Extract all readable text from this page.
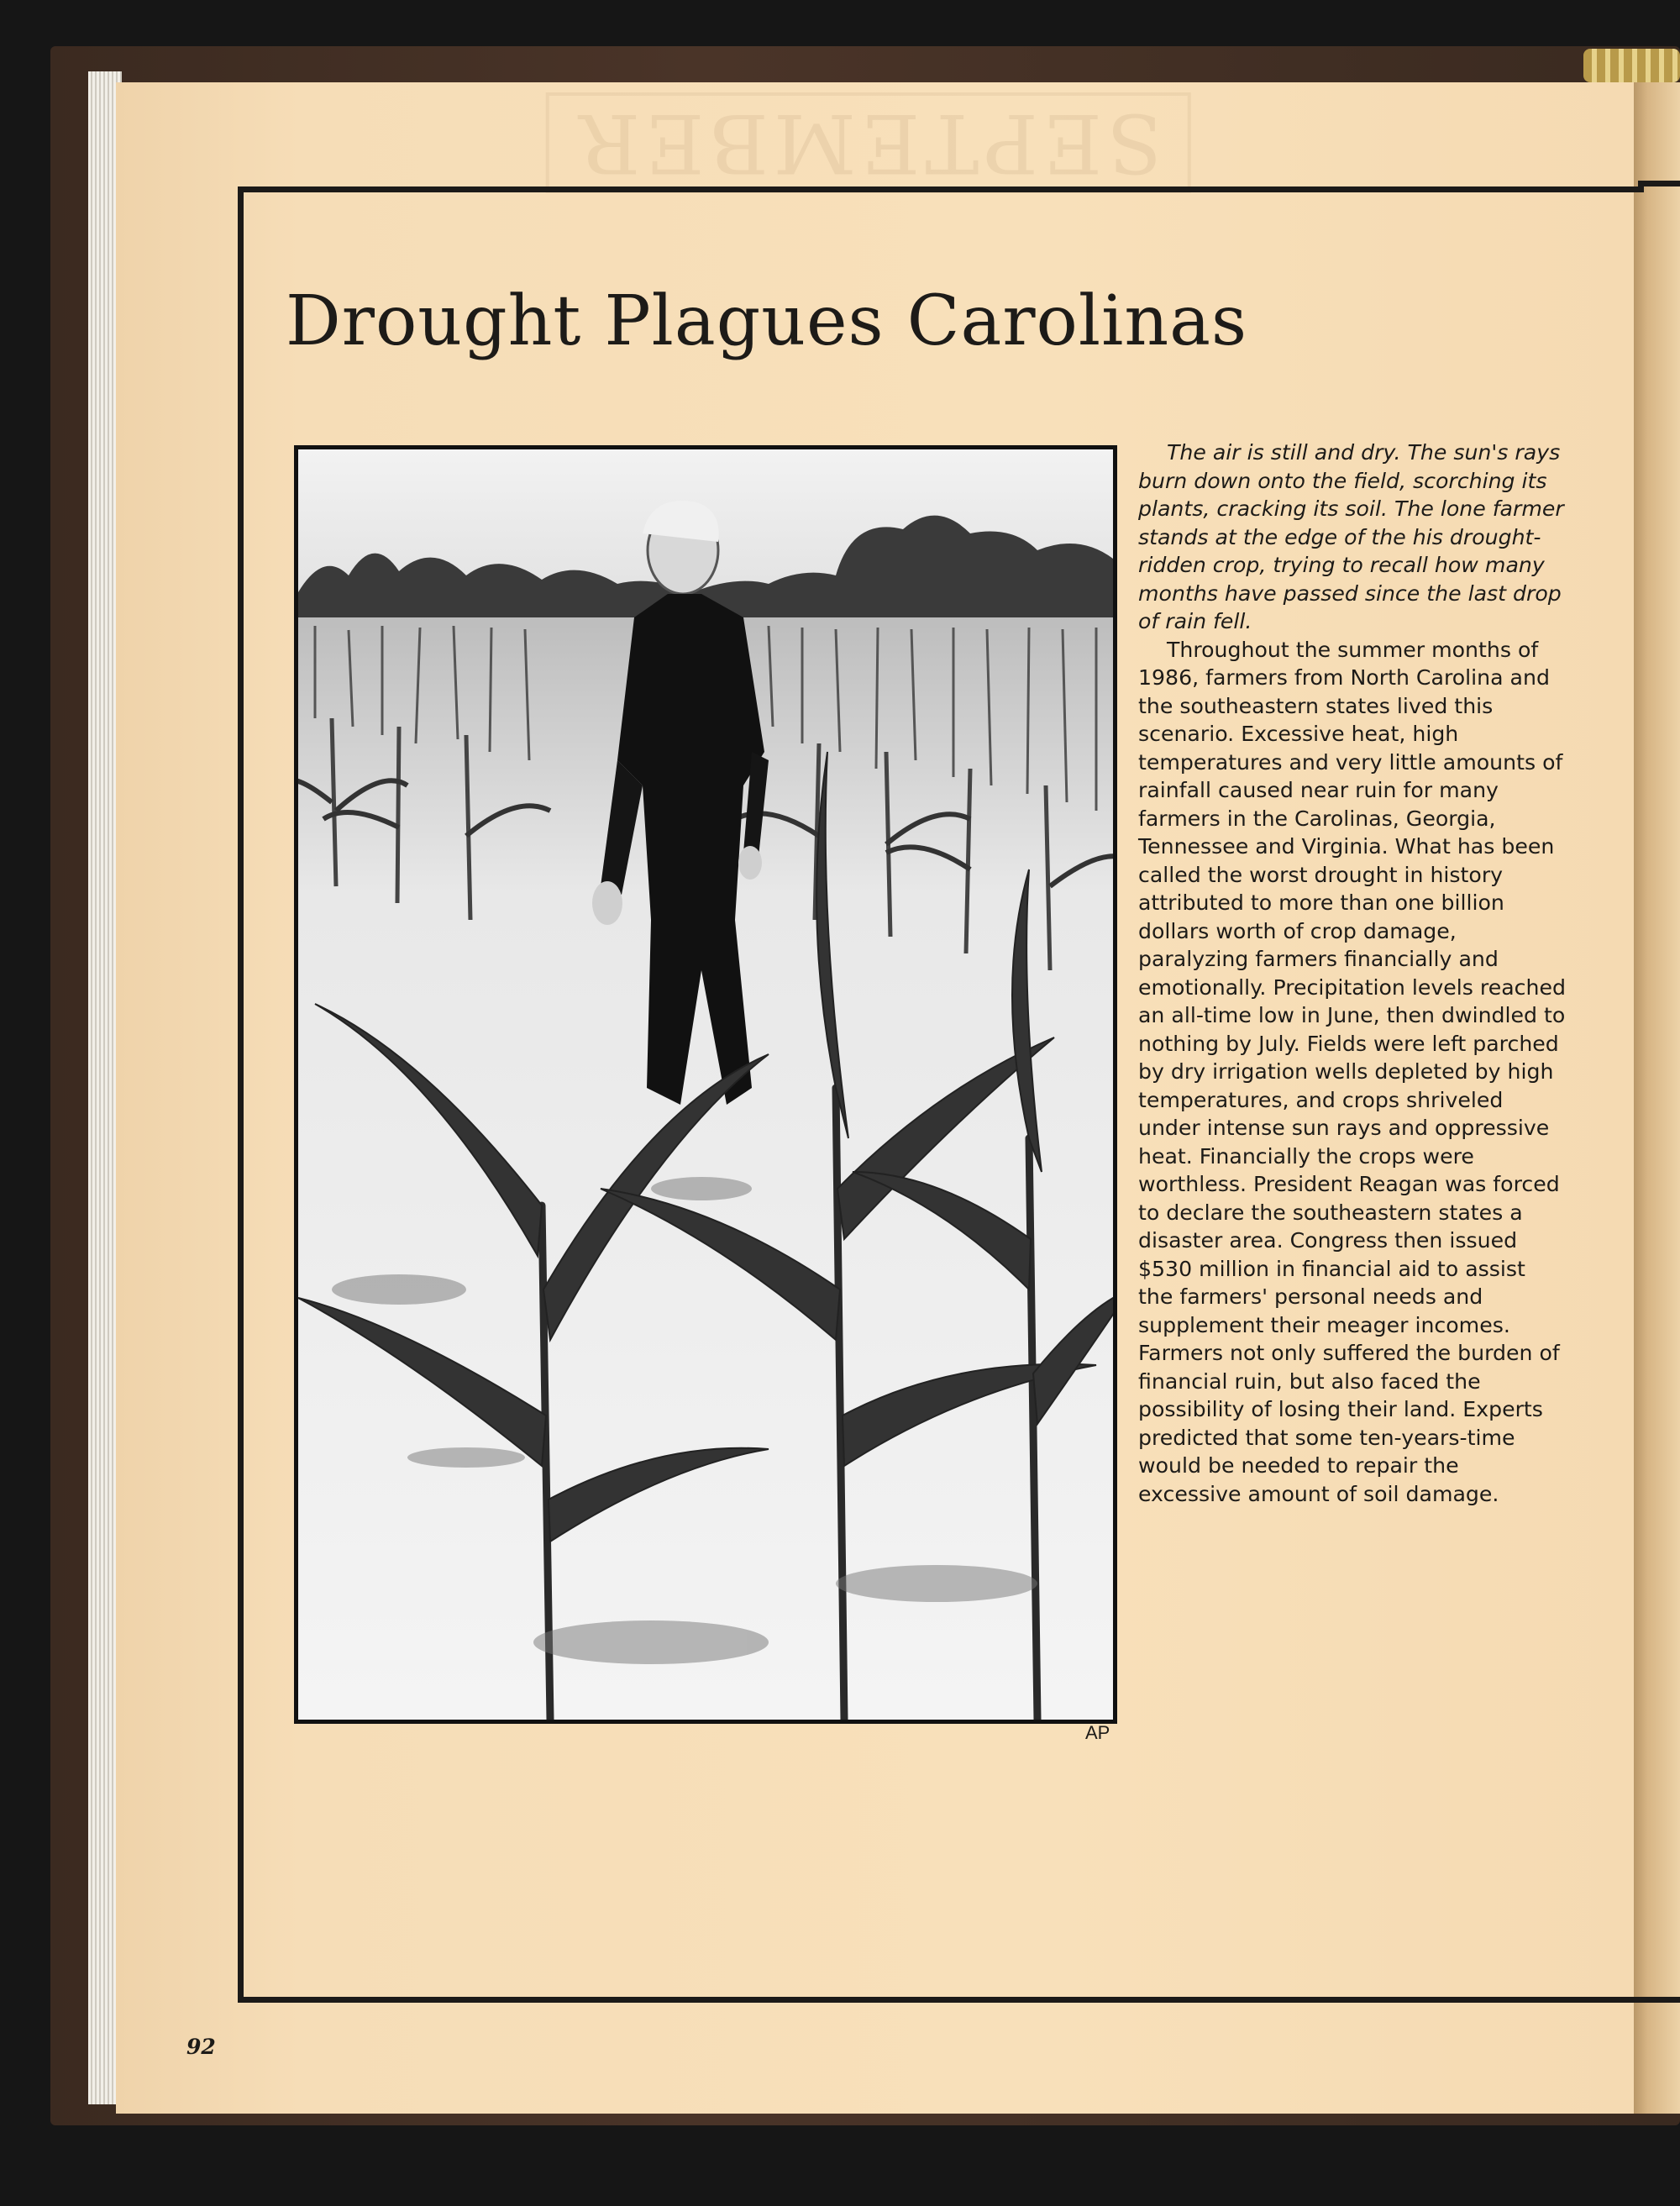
SEPTEMBER
Drought Plagues Carolinas
AP

The air is still and dry. The sun's rays burn down onto the field, scorching its plants, cracking its soil. The lone farmer stands at the edge of the his drought-ridden crop, trying to recall how many months have passed since the last drop of rain fell.

Throughout the summer months of 1986, farmers from North Carolina and the southeastern states lived this scenario. Excessive heat, high temperatures and very little amounts of rainfall caused near ruin for many farmers in the Carolinas, Georgia, Tennessee and Virginia. What has been called the worst drought in history attributed to more than one billion dollars worth of crop damage, paralyzing farmers financially and emotionally. Precipitation levels reached an all-time low in June, then dwindled to nothing by July. Fields were left parched by dry irrigation wells depleted by high temperatures, and crops shriveled under intense sun rays and oppressive heat. Financially the crops were worthless. President Reagan was forced to declare the southeastern states a disaster area. Congress then issued $530 million in financial aid to assist the farmers' personal needs and supplement their meager incomes. Farmers not only suffered the burden of financial ruin, but also faced the possibility of losing their land. Experts predicted that some ten-years-time would be needed to repair the excessive amount of soil damage.

92
